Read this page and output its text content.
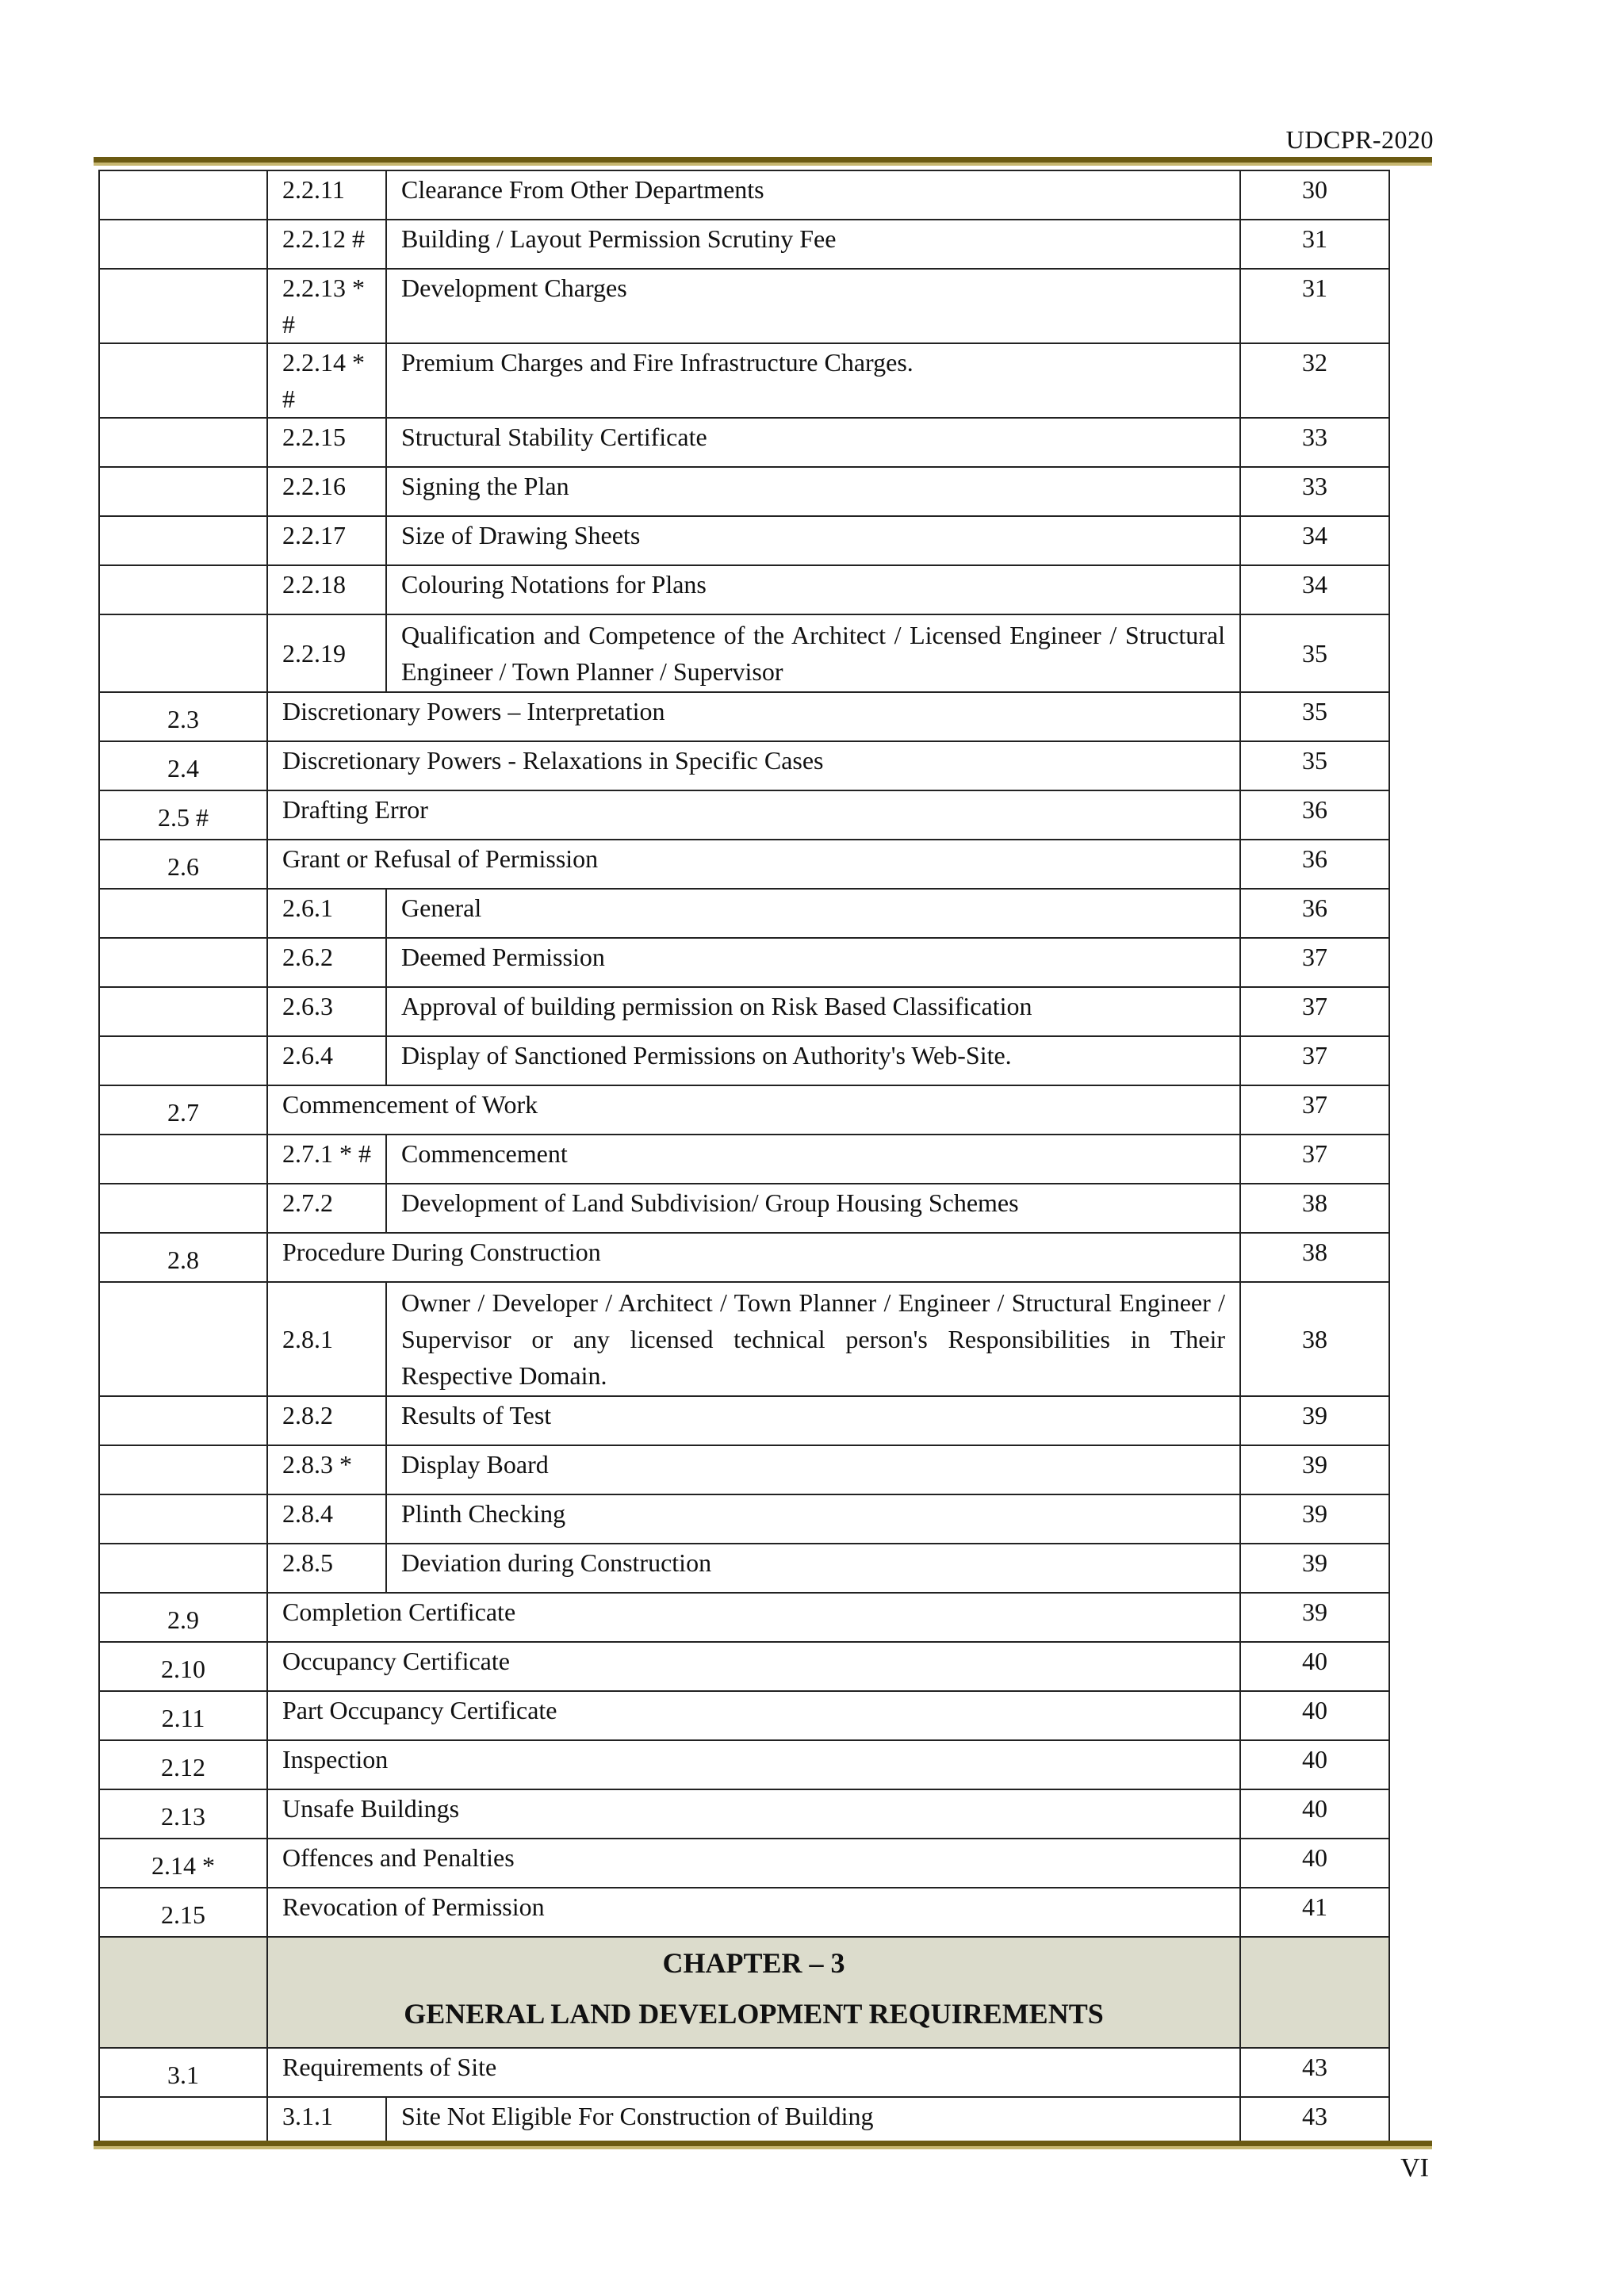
UDCPR-2020
	2.2.11	Clearance From Other Departments	30
	2.2.12 #	Building / Layout Permission Scrutiny Fee	31
	2.2.13 * #	Development Charges	31
	2.2.14 * #	Premium Charges and Fire Infrastructure Charges.	32
	2.2.15	Structural Stability Certificate	33
	2.2.16	Signing the Plan	33
	2.2.17	Size of Drawing Sheets	34
	2.2.18	Colouring Notations for Plans	34
	2.2.19	Qualification and Competence of the Architect / Licensed Engineer / Structural Engineer / Town Planner / Supervisor	35
2.3	Discretionary Powers – Interpretation		35
2.4	Discretionary Powers - Relaxations in Specific Cases		35
2.5 #	Drafting Error		36
2.6	Grant or Refusal of Permission		36
	2.6.1	General	36
	2.6.2	Deemed Permission	37
	2.6.3	Approval of building permission on Risk Based Classification	37
	2.6.4	Display of Sanctioned Permissions on Authority's Web-Site.	37
2.7	Commencement of Work		37
	2.7.1 * #	Commencement	37
	2.7.2	Development of Land Subdivision/ Group Housing Schemes	38
2.8	Procedure During Construction		38
	2.8.1	Owner / Developer / Architect / Town Planner / Engineer / Structural Engineer / Supervisor or any licensed technical person's Responsibilities in Their Respective Domain.	38
	2.8.2	Results of Test	39
	2.8.3 *	Display Board	39
	2.8.4	Plinth Checking	39
	2.8.5	Deviation during Construction	39
2.9	Completion Certificate		39
2.10	Occupancy Certificate		40
2.11	Part Occupancy Certificate		40
2.12	Inspection		40
2.13	Unsafe Buildings		40
2.14 *	Offences and Penalties		40
2.15	Revocation of Permission		41

	CHAPTER – 3
GENERAL LAND DEVELOPMENT REQUIREMENTS		

3.1	Requirements of Site		43
	3.1.1	Site Not Eligible For Construction of Building	43
VI
